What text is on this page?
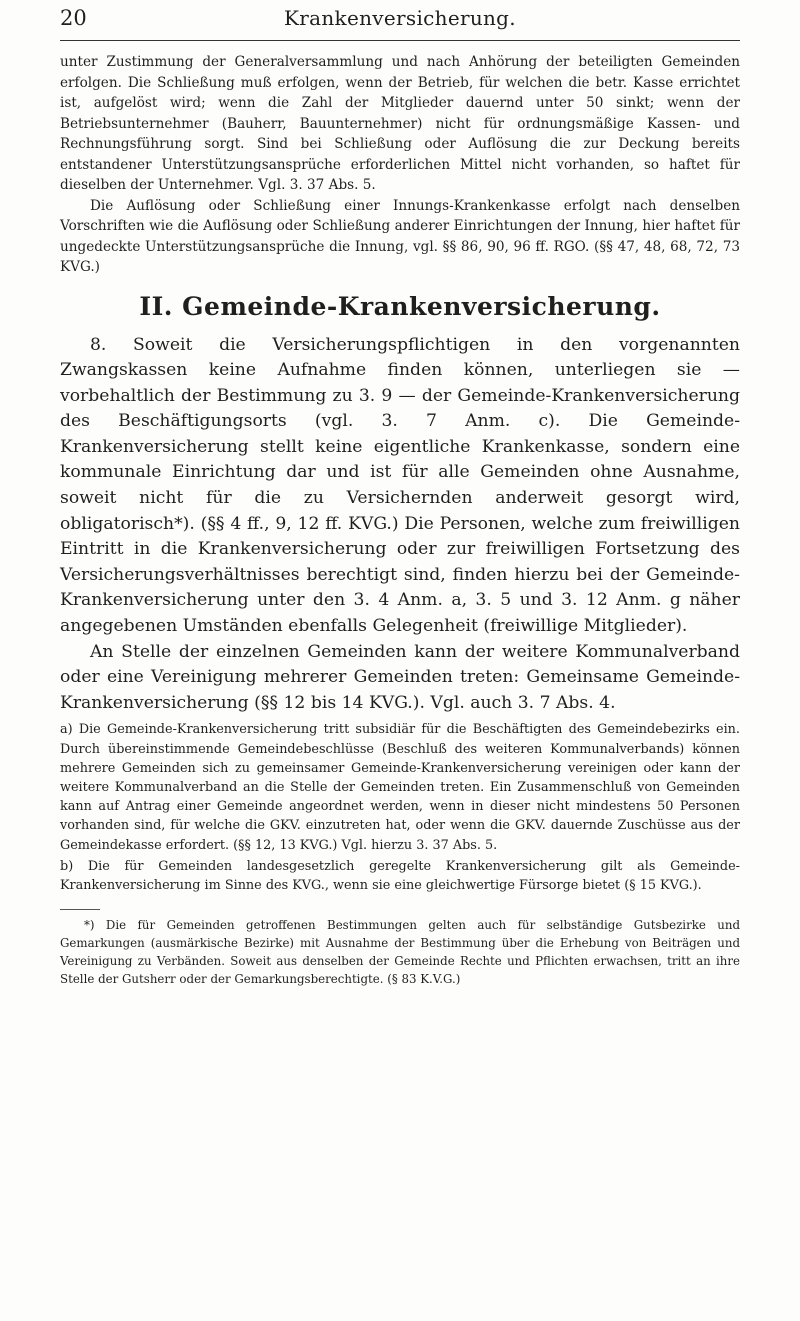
20	Krankenversicherung.

unter Zustimmung der Generalversammlung und nach Anhörung der beteiligten Gemeinden erfolgen. Die Schließung muß erfolgen, wenn der Betrieb, für welchen die betr. Kasse errichtet ist, aufgelöst wird; wenn die Zahl der Mitglieder dauernd unter 50 sinkt; wenn der Betriebsunternehmer (Bauherr, Bauunternehmer) nicht für ordnungsmäßige Kassen- und Rechnungsführung sorgt. Sind bei Schließung oder Auflösung die zur Deckung bereits entstandener Unterstützungsansprüche erforderlichen Mittel nicht vorhanden, so haftet für dieselben der Unternehmer. Vgl. 3. 37 Abs. 5.

Die Auflösung oder Schließung einer Innungs-Krankenkasse erfolgt nach denselben Vorschriften wie die Auflösung oder Schließung anderer Einrichtungen der Innung, hier haftet für ungedeckte Unterstützungsansprüche die Innung, vgl. §§ 86, 90, 96 ff. RGO. (§§ 47, 48, 68, 72, 73 KVG.)

II. Gemeinde-Krankenversicherung.

8. Soweit die Versicherungspflichtigen in den vorgenannten Zwangskassen keine Aufnahme finden können, unterliegen sie — vorbehaltlich der Bestimmung zu 3. 9 — der Gemeinde-Krankenversicherung des Beschäftigungsorts (vgl. 3. 7 Anm. c). Die Gemeinde-Krankenversicherung stellt keine eigentliche Krankenkasse, sondern eine kommunale Einrichtung dar und ist für alle Gemeinden ohne Ausnahme, soweit nicht für die zu Versichernden anderweit gesorgt wird, obligatorisch*). (§§ 4 ff., 9, 12 ff. KVG.) Die Personen, welche zum freiwilligen Eintritt in die Krankenversicherung oder zur freiwilligen Fortsetzung des Versicherungsverhältnisses berechtigt sind, finden hierzu bei der Gemeinde-Krankenversicherung unter den 3. 4 Anm. a, 3. 5 und 3. 12 Anm. g näher angegebenen Umständen ebenfalls Gelegenheit (freiwillige Mitglieder).

An Stelle der einzelnen Gemeinden kann der weitere Kommunalverband oder eine Vereinigung mehrerer Gemeinden treten: Gemeinsame Gemeinde-Krankenversicherung (§§ 12 bis 14 KVG.). Vgl. auch 3. 7 Abs. 4.

a) Die Gemeinde-Krankenversicherung tritt subsidiär für die Beschäftigten des Gemeindebezirks ein. Durch übereinstimmende Gemeindebeschlüsse (Beschluß des weiteren Kommunalverbands) können mehrere Gemeinden sich zu gemeinsamer Gemeinde-Krankenversicherung vereinigen oder kann der weitere Kommunalverband an die Stelle der Gemeinden treten. Ein Zusammenschluß von Gemeinden kann auf Antrag einer Gemeinde angeordnet werden, wenn in dieser nicht mindestens 50 Personen vorhanden sind, für welche die GKV. einzutreten hat, oder wenn die GKV. dauernde Zuschüsse aus der Gemeindekasse erfordert. (§§ 12, 13 KVG.) Vgl. hierzu 3. 37 Abs. 5.

b) Die für Gemeinden landesgesetzlich geregelte Krankenversicherung gilt als Gemeinde-Krankenversicherung im Sinne des KVG., wenn sie eine gleichwertige Fürsorge bietet (§ 15 KVG.).

*) Die für Gemeinden getroffenen Bestimmungen gelten auch für selbständige Gutsbezirke und Gemarkungen (ausmärkische Bezirke) mit Ausnahme der Bestimmung über die Erhebung von Beiträgen und Vereinigung zu Verbänden. Soweit aus denselben der Gemeinde Rechte und Pflichten erwachsen, tritt an ihre Stelle der Gutsherr oder der Gemarkungsberechtigte. (§ 83 K.V.G.)
